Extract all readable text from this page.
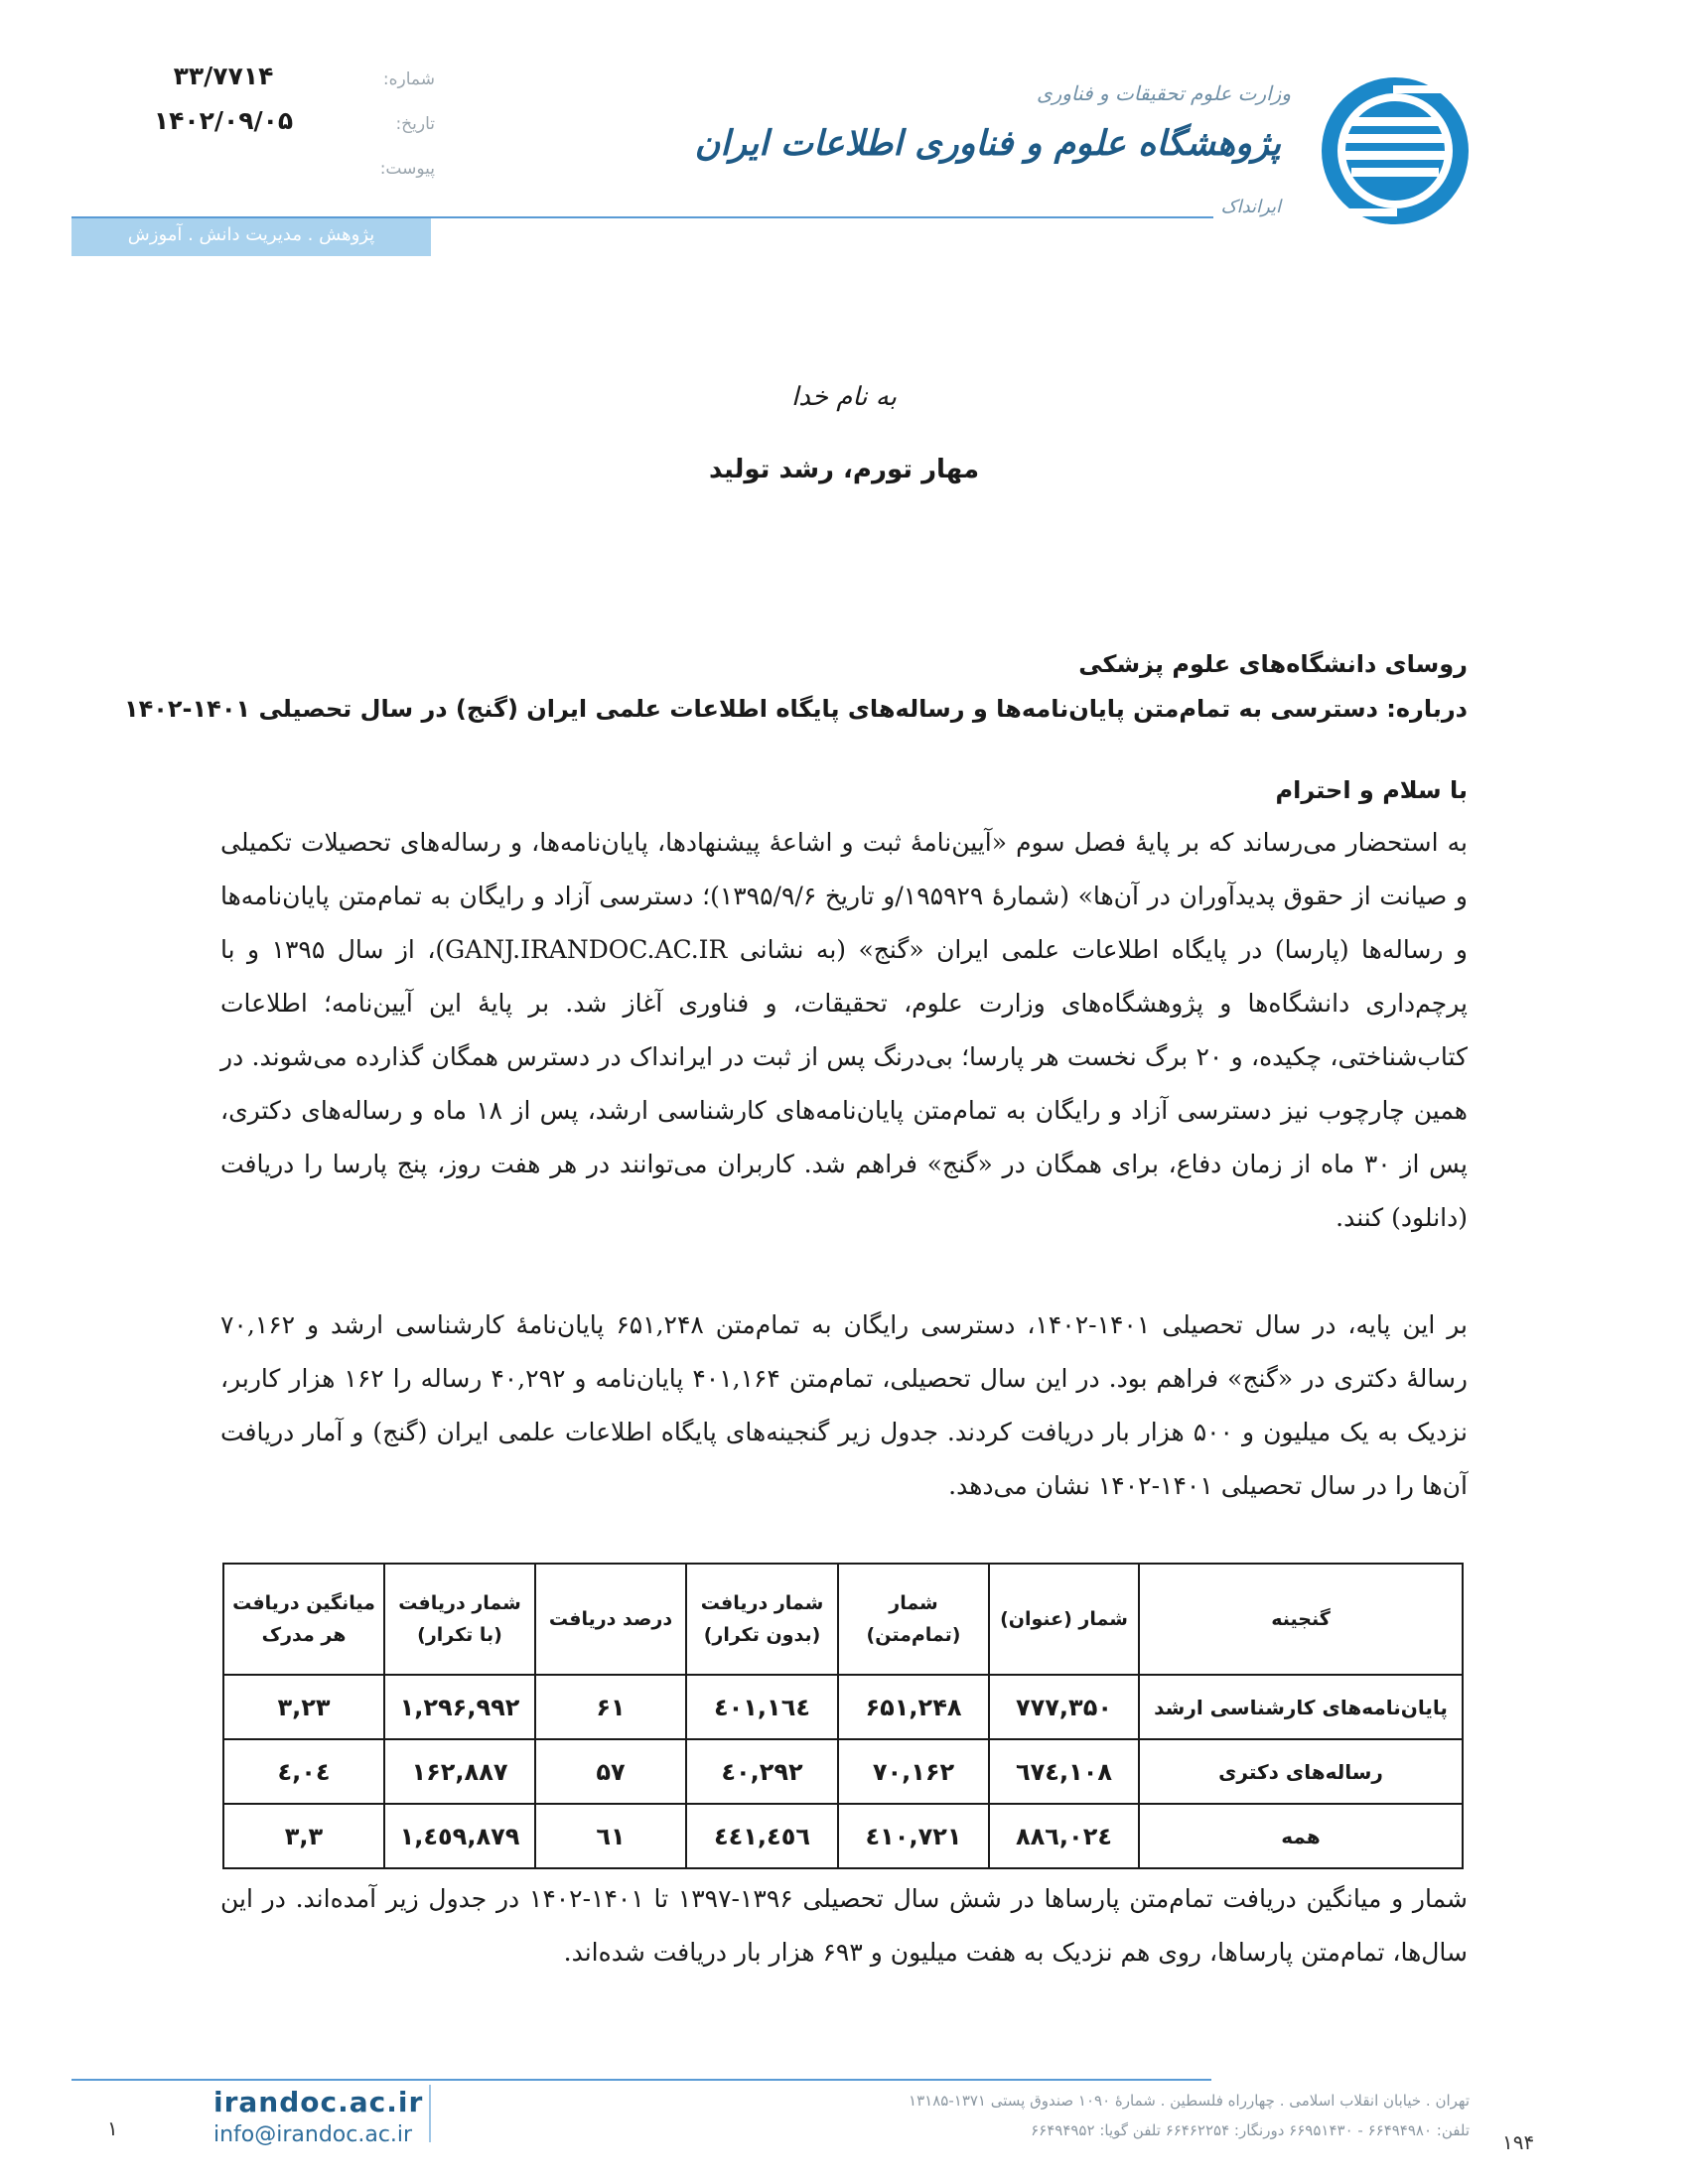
وزارت علوم تحقیقات و فناوری
پژوهشگاه علوم و فناوری اطلاعات ایران
ایرانداک
شماره:
۳۳/۷۷۱۴
تاریخ:
۱۴۰۲/۰۹/۰۵
پیوست:
پژوهش . مدیریت دانش . آموزش
به نام خدا
مهار تورم، رشد تولید
روسای دانشگاه‌های علوم پزشکی
درباره: دسترسی به تمام‌متن پایان‌نامه‌ها و رساله‌های پایگاه اطلاعات علمی ایران (گنج) در سال تحصیلی ۱۴۰۱-۱۴۰۲
با سلام و احترام

به استحضار می‌رساند که بر پایهٔ فصل سوم «آیین‌نامهٔ ثبت و اشاعهٔ پیشنهادها، پایان‌نامه‌ها، و رساله‌های تحصیلات تکمیلی و صیانت از حقوق پدیدآوران در آن‌ها» (شمارهٔ ۱۹۵۹۲۹/و تاریخ ۱۳۹۵/۹/۶)؛ دسترسی آزاد و رایگان به تمام‌متن پایان‌نامه‌ها و رساله‌ها (پارسا) در پایگاه اطلاعات علمی ایران «گنج» (به نشانی GANJ.IRANDOC.AC.IR)، از سال ۱۳۹۵ و با پرچم‌داری دانشگاه‌ها و پژوهشگاه‌های وزارت علوم، تحقیقات، و فناوری آغاز شد. بر پایهٔ این آیین‌نامه؛ اطلاعات کتاب‌شناختی، چکیده، و ۲۰ برگ نخست هر پارسا؛ بی‌درنگ پس از ثبت در ایرانداک در دسترس همگان گذارده می‌شوند. در همین چارچوب نیز دسترسی آزاد و رایگان به تمام‌متن پایان‌نامه‌های کارشناسی ارشد، پس از ۱۸ ماه و رساله‌های دکتری، پس از ۳۰ ماه از زمان دفاع، برای همگان در «گنج» فراهم شد. کاربران می‌توانند در هر هفت روز، پنج پارسا را دریافت (دانلود) کنند.

بر این پایه، در سال تحصیلی ۱۴۰۱-۱۴۰۲، دسترسی رایگان به تمام‌متن ۶۵۱,۲۴۸ پایان‌نامهٔ کارشناسی ارشد و ۷۰,۱۶۲ رسالهٔ دکتری در «گنج» فراهم بود. در این سال تحصیلی، تمام‌متن ۴۰۱,۱۶۴ پایان‌نامه و ۴۰,۲۹۲ رساله را ۱۶۲ هزار کاربر، نزدیک به یک میلیون و ۵۰۰ هزار بار دریافت کردند. جدول زیر گنجینه‌های پایگاه اطلاعات علمی ایران (گنج) و آمار دریافت آن‌ها را در سال تحصیلی ۱۴۰۱-۱۴۰۲ نشان می‌دهد.

گنجینه	شمار (عنوان)	شمار (تمام‌متن)	شمار دریافت (بدون تکرار)	درصد دریافت	شمار دریافت (با تکرار)	میانگین دریافت هر مدرک
پایان‌نامه‌های کارشناسی ارشد	۷۷۷,۳۵۰	۶۵۱,۲۴۸	٤٠١,١٦٤	۶۱	۱,۲۹۶,۹۹۲	۳,۲۳
رساله‌های دکتری	۱۰۸,٦٧٤	۷۰,۱۶۲	٤٠,٢٩٢	۵۷	۱۶۲,۸۸۷	٤,٠٤
همه	۸۸٦,٠٢٤	۷۲۱,٤١٠	٤٤١,٤٥٦	٦١	١,٤٥٩,٨٧٩	۳,۳

شمار و میانگین دریافت تمام‌متن پارساها در شش سال تحصیلی ۱۳۹۶-۱۳۹۷ تا ۱۴۰۱-۱۴۰۲ در جدول زیر آمده‌اند. در این سال‌ها، تمام‌متن پارساها، روی هم نزدیک به هفت میلیون و ۶۹۳ هزار بار دریافت شده‌اند.

irandoc.ac.ir
info@irandoc.ac.ir
تهران . خیابان انقلاب اسلامی . چهارراه فلسطین . شمارهٔ ۱۰۹۰ صندوق پستی ۱۳۷۱-۱۳۱۸۵
تلفن: ۶۶۴۹۴۹۸۰ - ۶۶۹۵۱۴۳۰ دورنگار: ۶۶۴۶۲۲۵۴ تلفن گویا: ۶۶۴۹۴۹۵۲
۱
۱۹۴
